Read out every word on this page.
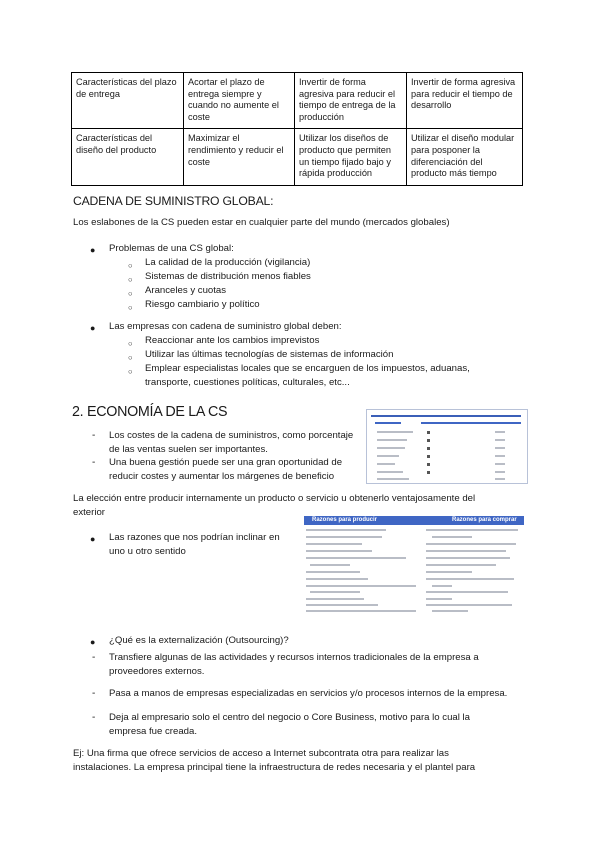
Características del plazo de entrega	Acortar el plazo de entrega siempre y cuando no aumente el coste	Invertir de forma agresiva para reducir el tiempo de entrega de la producción	Invertir de forma agresiva para reducir el tiempo de desarrollo
Características del diseño del producto	Maximizar el rendimiento y reducir el coste	Utilizar los diseños de producto que permiten un tiempo fijado bajo y rápida producción	Utilizar el diseño modular para posponer la diferenciación del producto más tiempo
CADENA DE SUMINISTRO GLOBAL:
Los eslabones de la CS pueden estar en cualquier parte del mundo (mercados globales)
● Problemas de una CS global:
○ La calidad de la producción (vigilancia)
○ Sistemas de distribución menos fiables
○ Aranceles y cuotas
○ Riesgo cambiario y político
● Las empresas con cadena de suministro global deben:
○ Reaccionar ante los cambios imprevistos
○ Utilizar las últimas tecnologías de sistemas de información
○ Emplear especialistas locales que se encarguen de los impuestos, aduanas,
transporte, cuestiones políticas, culturales, etc...
2. ECONOMÍA DE LA CS
- Los costes de la cadena de suministros, como porcentaje
de las ventas suelen ser importantes.
- Una buena gestión puede ser una gran oportunidad de
reducir costes y aumentar los márgenes de beneficio
La elección entre producir internamente un producto o servicio u obtenerlo ventajosamente del
exterior
● Las razones que nos podrían inclinar en
uno u otro sentido
Razones para producir	Razones para comprar
● ¿Qué es la externalización (Outsourcing)?
- Transfiere algunas de las actividades y recursos internos tradicionales de la empresa a
proveedores externos.
- Pasa a manos de empresas especializadas en servicios y/o procesos internos de la empresa.
- Deja al empresario solo el centro del negocio o Core Business, motivo para lo cual la
empresa fue creada.
Ej: Una firma que ofrece servicios de acceso a Internet subcontrata otra para realizar las
instalaciones. La empresa principal tiene la infraestructura de redes necesaria y el plantel para
